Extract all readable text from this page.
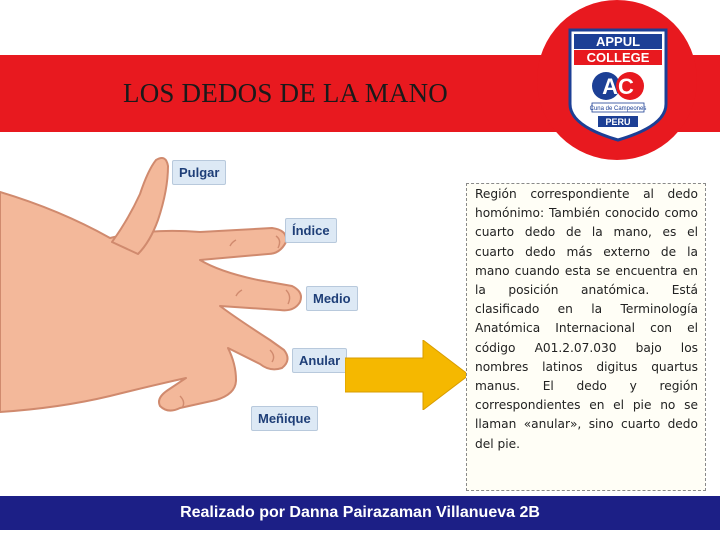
LOS DEDOS DE LA MANO
APPUL
COLLEGE
AC
Cuna de Campeones
PERU
Pulgar
Índice
Medio
Anular
Meñique

Región correspondiente al dedo homónimo: También conocido como cuarto dedo de la mano, es el cuarto dedo más externo de la mano cuando esta se encuentra en la posición anatómica. Está clasificado en la Terminología Anatómica Internacional con el código A01.2.07.030 bajo los nombres latinos digitus quartus manus. El dedo y región correspondientes en el pie no se llaman «anular», sino cuarto dedo del pie.

Realizado por Danna Pairazaman Villanueva 2B
